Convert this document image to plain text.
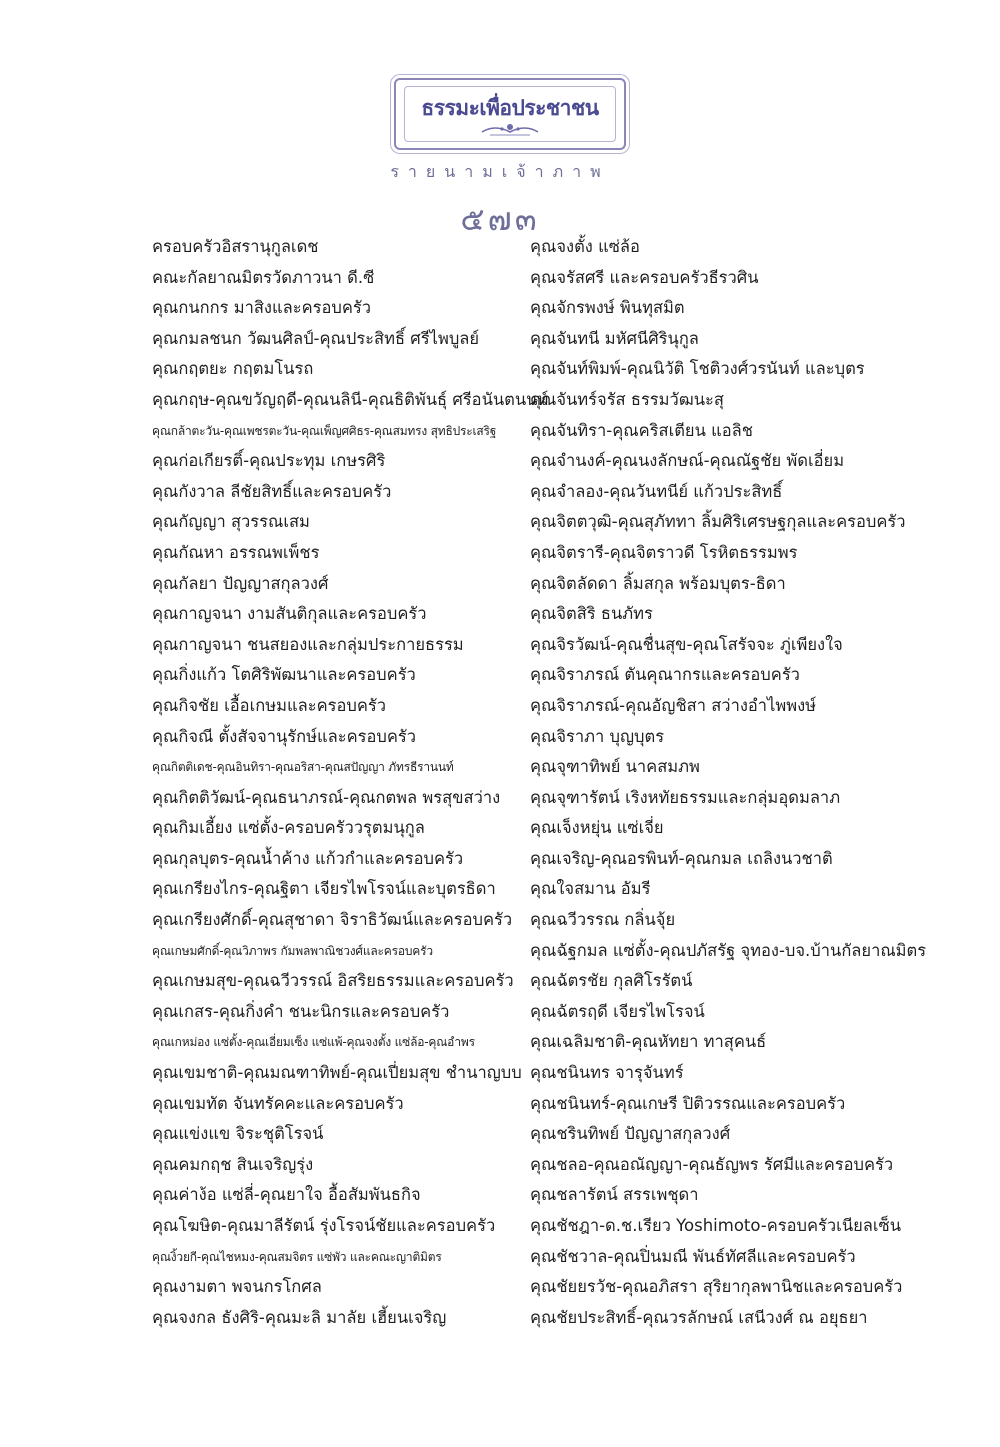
ธรรมะเพื่อประชาชน
รายนามเจ้าภาพ
๕๗๓
ครอบครัวอิสรานุกูลเดช
คณะกัลยาณมิตรวัดภาวนา ดี.ซี
คุณกนกกร มาสิงและครอบครัว
คุณกมลชนก วัฒนศิลป์-คุณประสิทธิ์ ศรีไพบูลย์
คุณกฤตยะ กฤตมโนรถ
คุณกฤษ-คุณขวัญฤดี-คุณนลินี-คุณธิติพันธุ์ ศรีอนันตนนท์
คุณกล้าตะวัน-คุณเพชรตะวัน-คุณเพ็ญศศิธร-คุณสมทรง สุทธิประเสริฐ
คุณก่อเกียรติ์-คุณประทุม เกษรศิริ
คุณกังวาล ลีชัยสิทธิ์และครอบครัว
คุณกัญญา สุวรรณเสม
คุณกัณหา อรรณพเพ็ชร
คุณกัลยา ปัญญาสกุลวงศ์
คุณกาญจนา งามสันติกุลและครอบครัว
คุณกาญจนา ชนสยองและกลุ่มประกายธรรม
คุณกิ่งแก้ว โตศิริพัฒนาและครอบครัว
คุณกิจชัย เอื้อเกษมและครอบครัว
คุณกิจณี ตั้งสัจจานุรักษ์และครอบครัว
คุณกิตติเดช-คุณอินทิรา-คุณอริสา-คุณสปัญญา ภัทรธีรานนท์
คุณกิตติวัฒน์-คุณธนาภรณ์-คุณกตพล พรสุขสว่าง
คุณกิมเอี้ยง แซ่ตั้ง-ครอบครัววรุตมนุกูล
คุณกุลบุตร-คุณน้ำค้าง แก้วกำและครอบครัว
คุณเกรียงไกร-คุณฐิตา เจียรไพโรจน์และบุตรธิดา
คุณเกรียงศักดิ์-คุณสุชาดา จิราธิวัฒน์และครอบครัว
คุณเกษมศักดิ์-คุณวิภาพร กัมพลพาณิชวงศ์และครอบครัว
คุณเกษมสุข-คุณฉวีวรรณ์ อิสริยธรรมและครอบครัว
คุณเกสร-คุณกิ่งคำ ชนะนิกรและครอบครัว
คุณเกหม่อง แซ่ตั้ง-คุณเอี่ยมเซ็ง แซ่แพ้-คุณจงตั้ง แซ่ล้อ-คุณอำพร
คุณเขมชาติ-คุณมณฑาทิพย์-คุณเปี่ยมสุข ชำนาญบบ
คุณเขมทัต จันทรัคคะและครอบครัว
คุณแข่งแข จิระชุติโรจน์
คุณคมกฤช สินเจริญรุ่ง
คุณค่าง้อ แซ่ลี่-คุณยาใจ อื้อสัมพันธกิจ
คุณโฆษิต-คุณมาลีรัตน์ รุ่งโรจน์ชัยและครอบครัว
คุณงิ้วยกี-คุณไชหมง-คุณสมจิตร แซ่พัว และคณะญาติมิตร
คุณงามตา พจนกรโกศล
คุณจงกล ธังศิริ-คุณมะลิ มาลัย เฮี้ยนเจริญ
คุณจงตั้ง แซ่ล้อ
คุณจรัสศรี และครอบครัวธีรวศิน
คุณจักรพงษ์ พินทุสมิต
คุณจันทนี มหัศนีศิรินุกูล
คุณจันท์พิมพ์-คุณนิวัติ โชติวงศ์วรนันท์ และบุตร
คุณจันทร์จรัส ธรรมวัฒนะสุ
คุณจันทิรา-คุณคริสเตียน แอลิช
คุณจำนงค์-คุณนงลักษณ์-คุณณัฐชัย พัดเอี่ยม
คุณจำลอง-คุณวันทนีย์ แก้วประสิทธิ์
คุณจิตตวุฒิ-คุณสุภัททา ลิ้มศิริเศรษฐกุลและครอบครัว
คุณจิตรารี-คุณจิตราวดี โรหิตธรรมพร
คุณจิตลัดดา ลิ้มสกุล พร้อมบุตร-ธิดา
คุณจิตสิริ ธนภัทร
คุณจิรวัฒน์-คุณชื่นสุข-คุณโสรัจจะ ภู่เพียงใจ
คุณจิราภรณ์ ตันคุณากรและครอบครัว
คุณจิราภรณ์-คุณอัญชิสา สว่างอำไพพงษ์
คุณจิราภา บุญบุตร
คุณจุฑาทิพย์ นาคสมภพ
คุณจุฑารัตน์ เริงหทัยธรรมและกลุ่มอุดมลาภ
คุณเจ็งหยุ่น แซ่เจี่ย
คุณเจริญ-คุณอรพินท์-คุณกมล เถลิงนวชาติ
คุณใจสมาน อัมรี
คุณฉวีวรรณ กลิ่นจุ้ย
คุณฉัฐกมล แซ่ตั้ง-คุณปภัสรัฐ จุทอง-บจ.บ้านกัลยาณมิตร
คุณฉัตรชัย กุลศิโรรัตน์
คุณฉัตรฤดี เจียรไพโรจน์
คุณเฉลิมชาติ-คุณหัทยา ทาสุคนธ์
คุณชนินทร จารุจันทร์
คุณชนินทร์-คุณเกษรี ปิติวรรณและครอบครัว
คุณชรินทิพย์ ปัญญาสกุลวงศ์
คุณชลอ-คุณอณัญญา-คุณธัญพร รัศมีและครอบครัว
คุณชลารัตน์ สรรเพชุดา
คุณชัชฎา-ด.ช.เรียว Yoshimoto-ครอบครัวเนียลเซ็น
คุณชัชวาล-คุณปิ่นมณี พันธ์ทัศลีและครอบครัว
คุณชัยยรวัช-คุณอภิสรา สุริยากุลพานิชและครอบครัว
คุณชัยประสิทธิ์-คุณวรลักษณ์ เสนีวงศ์ ณ อยุธยา
